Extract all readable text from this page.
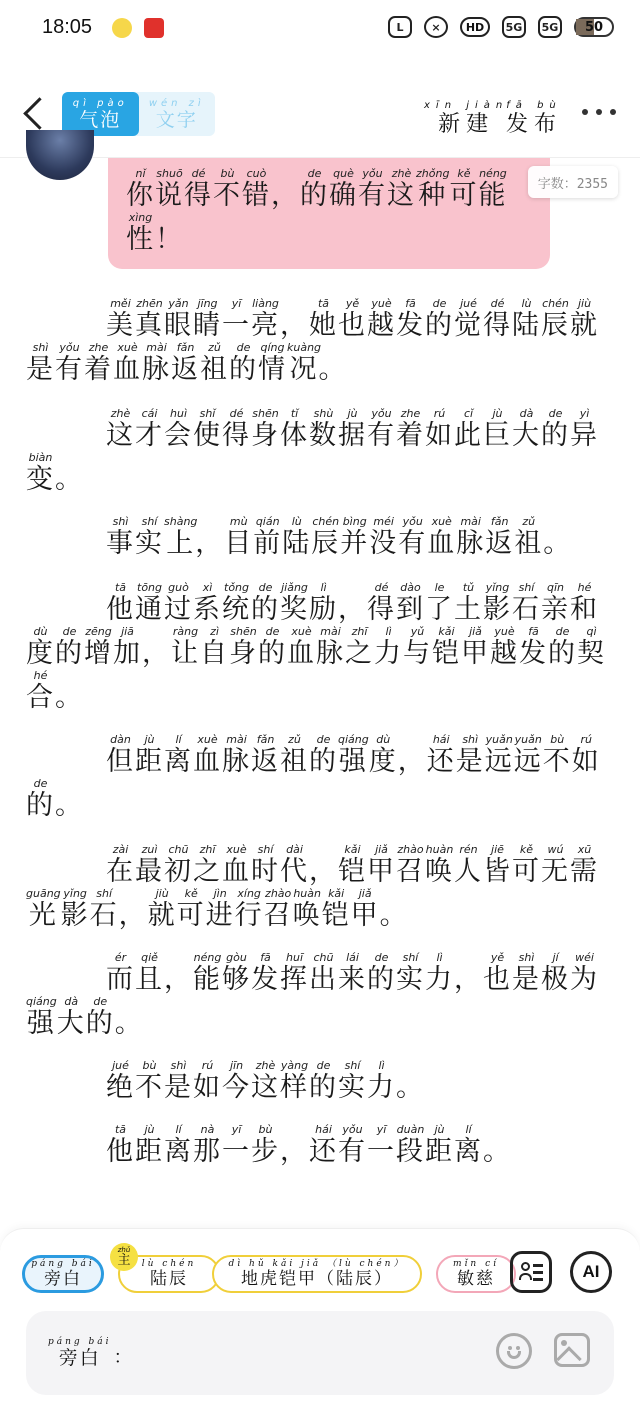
18:05	L	×	HD	5G	5G 50
qì pào
气泡
wén zì
文字
xīn jiàn
新建
fā bù
发布
你nǐ说shuō得dé不bù错cuò，的de确què有yǒu这zhè种zhǒng可kě能néng性xìng！
字数：2355
美měi真zhēn眼yǎn睛jīng一yī亮liàng，她tā也yě越yuè发fā的de觉jué得dé陆lù辰chén就jiù是shì有yǒu着zhe血xuè脉mài返fǎn祖zǔ的de情qíng况kuàng。
这zhè才cái会huì使shǐ得dé身shēn体tǐ数shù据jù有yǒu着zhe如rú此cǐ巨jù大dà的de异yì变biàn。
事shì实shí上shàng，目mù前qián陆lù辰chén并bìng没méi有yǒu血xuè脉mài返fǎn祖zǔ。
他tā通tōng过guò系xì统tǒng的de奖jiǎng励lì，得dé到dào了le土tǔ影yǐng石shí亲qīn和hé度dù的de增zēng加jiā，让ràng自zì身shēn的de血xuè脉mài之zhī力lì与yǔ铠kǎi甲jiǎ越yuè发fā的de契qì合hé。
但dàn距jù离lí血xuè脉mài返fǎn祖zǔ的de强qiáng度dù，还hái是shì远yuǎn远yuǎn不bù如rú的de。
在zài最zuì初chū之zhī血xuè时shí代dài，铠kǎi甲jiǎ召zhào唤huàn人rén皆jiē可kě无wú需xū光guāng影yǐng石shí，就jiù可kě进jìn行xíng召zhào唤huàn铠kǎi甲jiǎ。
而ér且qiě，能néng够gòu发fā挥huī出chū来lái的de实shí力lì，也yě是shì极jí为wéi强qiáng大dà的de。
绝jué不bù是shì如rú今jīn这zhè样yàng的de实shí力lì。
他tā距jù离lí那nà一yī步bù，还hái有yǒu一yī段duàn距jù离lí。
páng bái
旁白
lù chén
陆辰
dì hǔ kǎi jiǎ （lù chén）
地虎铠甲（陆辰）
mǐn cí
敏慈
zhǔ
主
AI
páng bái
旁白 ：
